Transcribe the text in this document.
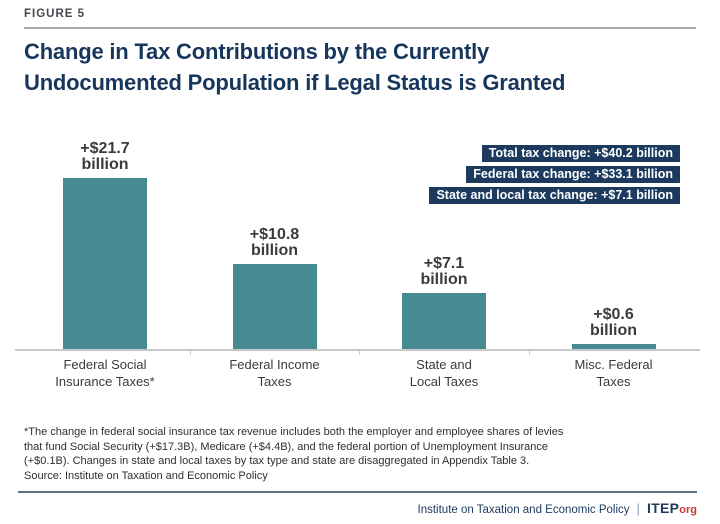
FIGURE 5
Change in Tax Contributions by the Currently
Undocumented Population if Legal Status is Granted
Total tax change: +$40.2 billion
Federal tax change: +$33.1 billion
State and local tax change: +$7.1 billion
+$21.7
billion
Federal Social
Insurance Taxes*
+$10.8
billion
Federal Income
Taxes
+$7.1
billion
State and
Local Taxes
+$0.6
billion
Misc. Federal
Taxes
*The change in federal social insurance tax revenue includes both the employer and employee shares of levies
that fund Social Security (+$17.3B), Medicare (+$4.4B), and the federal portion of Unemployment Insurance
(+$0.1B). Changes in state and local taxes by tax type and state are disaggregated in Appendix Table 3.
Source: Institute on Taxation and Economic Policy
Institute on Taxation and Economic Policy | ITEP org
